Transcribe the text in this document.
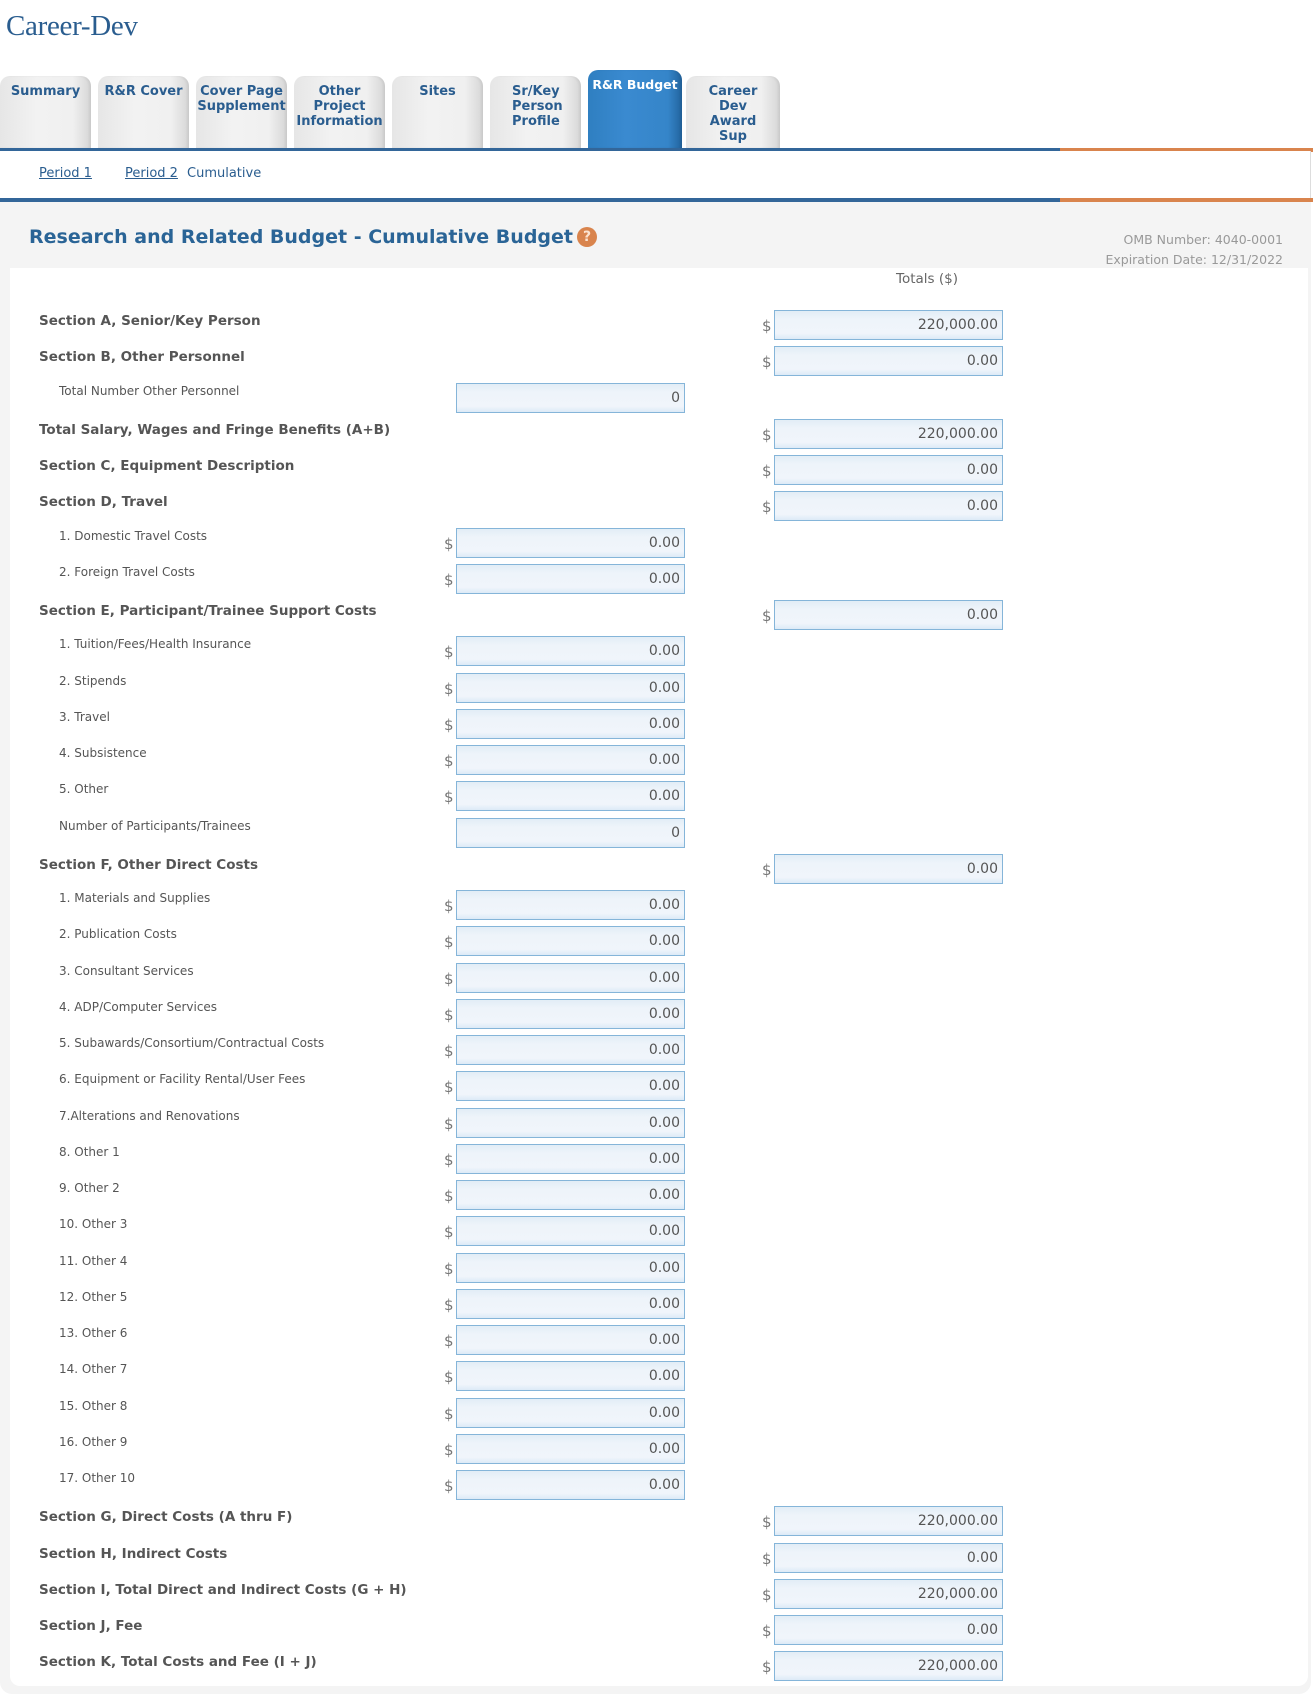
Career-Dev
Summary	R&R Cover	Cover Page Supplement
Other Project Information
Sites	Sr/Key Person Profile
R&R Budget	Career Dev Award Sup
Period 1	Period 2 Cumulative
Research and Related Budget - Cumulative Budget ?	OMB Number: 4040-0001
Expiration Date: 12/31/2022
Totals ($)
Section A, Senior/Key Person	$	220,000.00
Section B, Other Personnel	$	0.00
Total Number Other Personnel	0
Total Salary, Wages and Fringe Benefits (A+B)	$	220,000.00
Section C, Equipment Description	$	0.00
Section D, Travel	$	0.00
1. Domestic Travel Costs	$	0.00
2. Foreign Travel Costs	$	0.00
Section E, Participant/Trainee Support Costs	$	0.00
1. Tuition/Fees/Health Insurance	$	0.00
2. Stipends	$	0.00
3. Travel	$	0.00
4. Subsistence	$	0.00
5. Other	$	0.00
Number of Participants/Trainees	0
Section F, Other Direct Costs	$	0.00
1. Materials and Supplies	$	0.00
2. Publication Costs	$	0.00
3. Consultant Services	$	0.00
4. ADP/Computer Services	$	0.00
5. Subawards/Consortium/Contractual Costs	$	0.00
6. Equipment or Facility Rental/User Fees	$	0.00
7.Alterations and Renovations	$	0.00
8. Other 1	$	0.00
9. Other 2	$	0.00
10. Other 3	$	0.00
11. Other 4	$	0.00
12. Other 5	$	0.00
13. Other 6	$	0.00
14. Other 7	$	0.00
15. Other 8	$	0.00
16. Other 9	$	0.00
17. Other 10	$	0.00
Section G, Direct Costs (A thru F)	$	220,000.00
Section H, Indirect Costs	$	0.00
Section I, Total Direct and Indirect Costs (G + H)	$	220,000.00
Section J, Fee	$	0.00
Section K, Total Costs and Fee (I + J)	$	220,000.00
